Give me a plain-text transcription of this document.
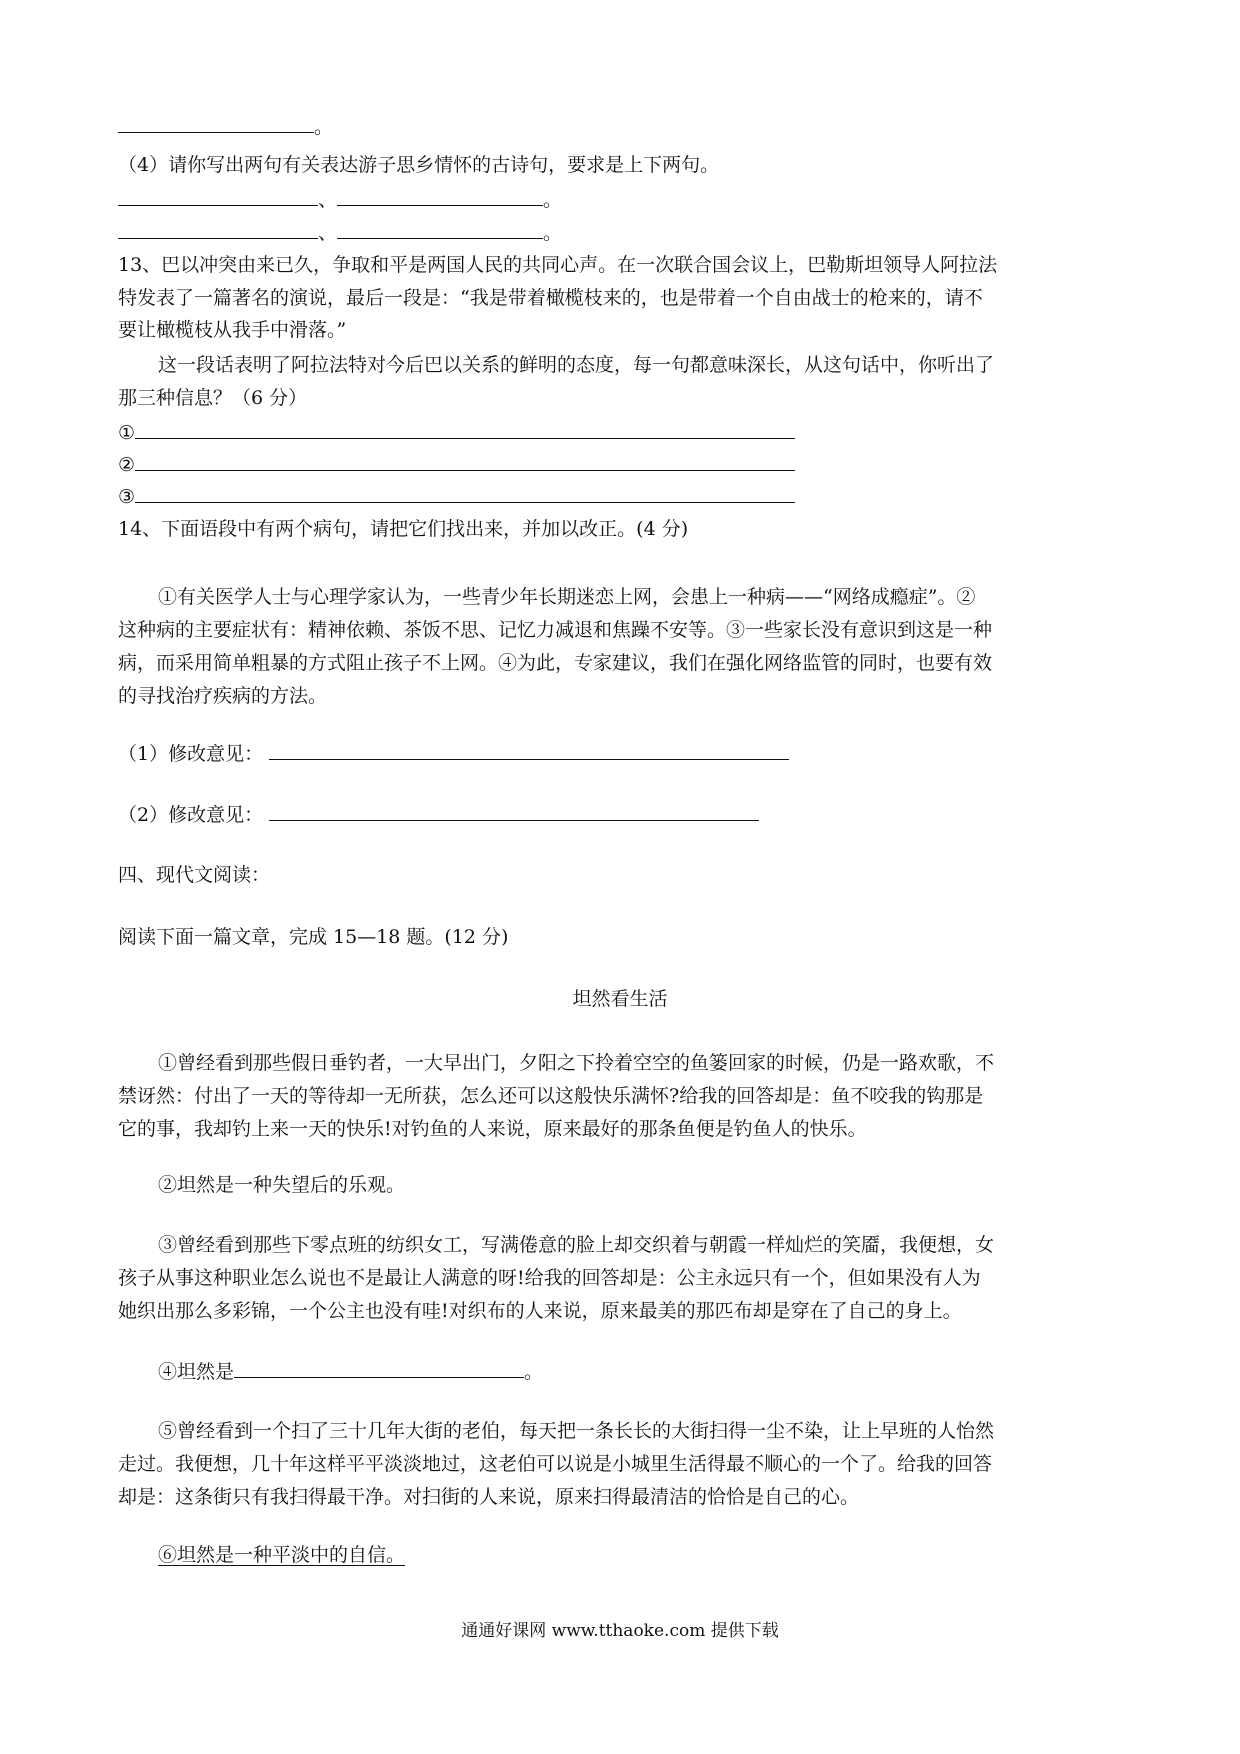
。
（4）请你写出两句有关表达游子思乡情怀的古诗句，要求是上下两句。
、	。
、	。
13、巴以冲突由来已久，争取和平是两国人民的共同心声。在一次联合国会议上，巴勒斯坦领导人阿拉法
特发表了一篇著名的演说，最后一段是：“我是带着橄榄枝来的，也是带着一个自由战士的枪来的，请不
要让橄榄枝从我手中滑落。”
这一段话表明了阿拉法特对今后巴以关系的鲜明的态度，每一句都意味深长，从这句话中，你听出了
那三种信息？（6 分）
①
②
③
14、下面语段中有两个病句，请把它们找出来，并加以改正。(4 分)
①有关医学人士与心理学家认为，一些青少年长期迷恋上网，会患上一种病——“网络成瘾症”。②
这种病的主要症状有：精神依赖、茶饭不思、记忆力减退和焦躁不安等。③一些家长没有意识到这是一种
病，而采用简单粗暴的方式阻止孩子不上网。④为此，专家建议，我们在强化网络监管的同时，也要有效
的寻找治疗疾病的方法。
（1）修改意见：
（2）修改意见：
四、现代文阅读：
阅读下面一篇文章，完成 15—18 题。(12 分)
坦然看生活
①曾经看到那些假日垂钓者，一大早出门，夕阳之下拎着空空的鱼篓回家的时候，仍是一路欢歌，不
禁讶然：付出了一天的等待却一无所获，怎么还可以这般快乐满怀?给我的回答却是：鱼不咬我的钩那是
它的事，我却钓上来一天的快乐!对钓鱼的人来说，原来最好的那条鱼便是钓鱼人的快乐。
②坦然是一种失望后的乐观。
③曾经看到那些下零点班的纺织女工，写满倦意的脸上却交织着与朝霞一样灿烂的笑靥，我便想，女
孩子从事这种职业怎么说也不是最让人满意的呀!给我的回答却是：公主永远只有一个，但如果没有人为
她织出那么多彩锦，一个公主也没有哇!对织布的人来说，原来最美的那匹布却是穿在了自己的身上。
④坦然是	。
⑤曾经看到一个扫了三十几年大街的老伯，每天把一条长长的大街扫得一尘不染，让上早班的人怡然
走过。我便想，几十年这样平平淡淡地过，这老伯可以说是小城里生活得最不顺心的一个了。给我的回答
却是：这条街只有我扫得最干净。对扫街的人来说，原来扫得最清洁的恰恰是自己的心。
⑥坦然是一种平淡中的自信。
通通好课网 www.tthaoke.com 提供下载
